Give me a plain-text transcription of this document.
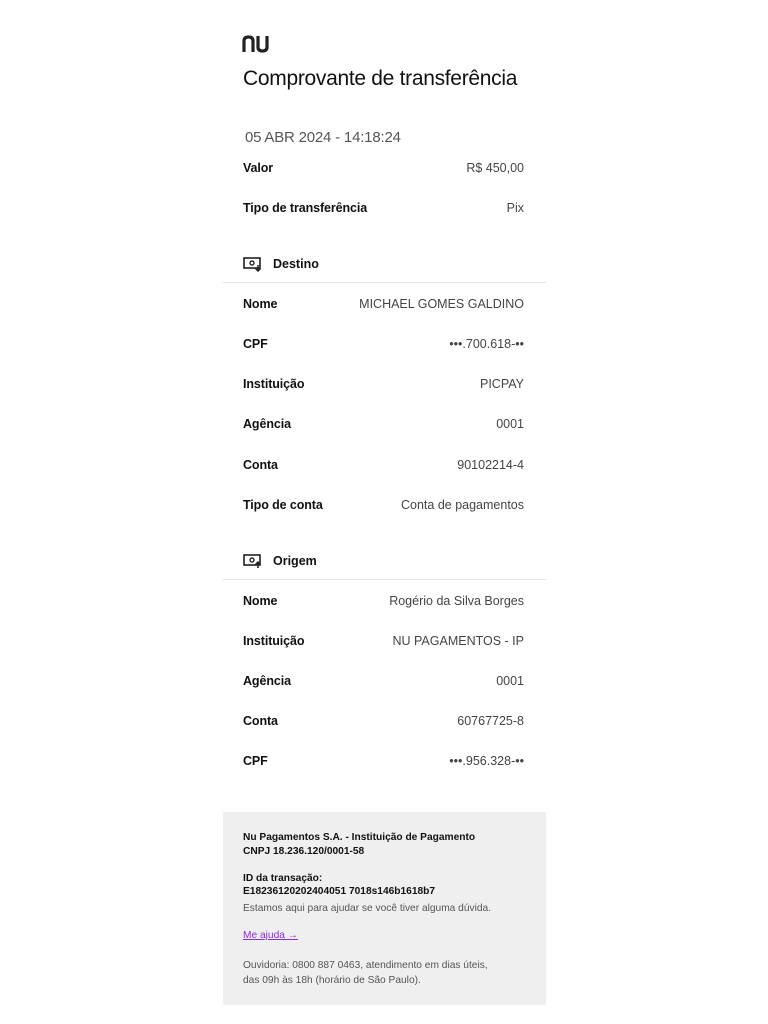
nu
Comprovante de transferência
05 ABR 2024 - 14:18:24
Valor	R$ 450,00
Tipo de transferência	Pix
Destino
Nome	MICHAEL GOMES GALDINO
CPF	•••.700.618-••
Instituição	PICPAY
Agência	0001
Conta	90102214-4
Tipo de conta	Conta de pagamentos
Origem
Nome	Rogério da Silva Borges
Instituição	NU PAGAMENTOS - IP
Agência	0001
Conta	60767725-8
CPF	•••.956.328-••
Nu Pagamentos S.A. - Instituição de Pagamento
CNPJ 18.236.120/0001-58
ID da transação:
E18236120202404051 7018s146b1618b7
Estamos aqui para ajudar se você tiver alguma dúvida.
Me ajuda →
Ouvidoria: 0800 887 0463, atendimento em dias úteis,
das 09h às 18h (horário de São Paulo).
